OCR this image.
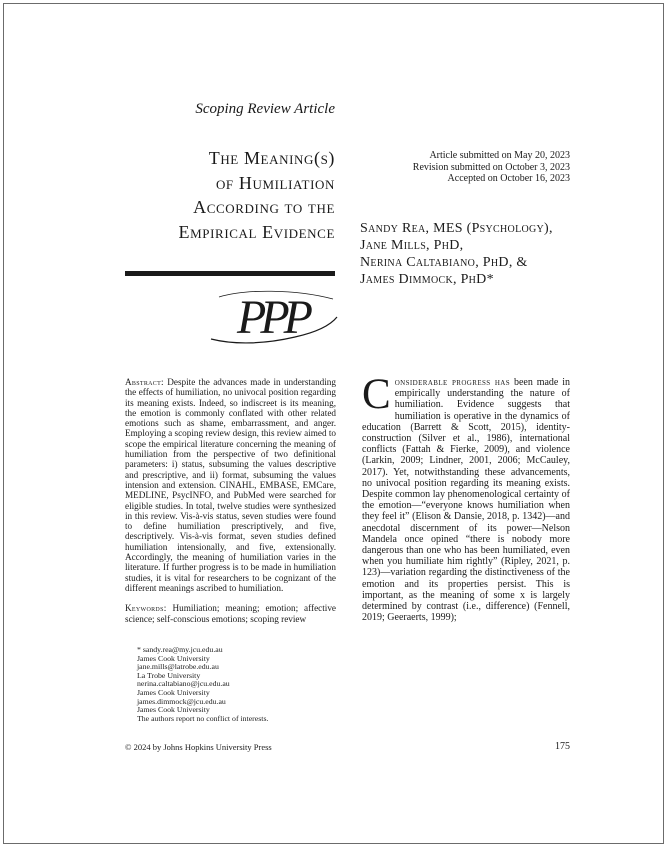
Scoping Review Article
The Meaning(s)
of Humiliation
According to the
Empirical Evidence
Article submitted on May 20, 2023
Revision submitted on October 3, 2023
Accepted on October 16, 2023
Sandy Rea, MES (Psychology),
Jane Mills, PhD,
Nerina Caltabiano, PhD, &
James Dimmock, PhD*
PPP
Abstract: Despite the advances made in understanding the effects of humiliation, no univocal position regarding its meaning exists. Indeed, so indiscreet is its meaning, the emotion is commonly conflated with other related emotions such as shame, embarrassment, and anger. Employing a scoping review design, this review aimed to scope the empirical literature concerning the meaning of humiliation from the perspective of two definitional parameters: i) status, subsuming the values descriptive and prescriptive, and ii) format, subsuming the values intension and extension. CINAHL, EMBASE, EMCare, MEDLINE, PsycINFO, and PubMed were searched for eligible studies. In total, twelve studies were synthesized in this review. Vis-à-vis status, seven studies were found to define humiliation prescriptively, and five, descriptively. Vis-à-vis format, seven studies defined humiliation intensionally, and five, extensionally. Accordingly, the meaning of humiliation varies in the literature. If further progress is to be made in humiliation studies, it is vital for researchers to be cognizant of the different meanings ascribed to humiliation.
Keywords: Humiliation; meaning; emotion; affective science; self-conscious emotions; scoping review
* sandy.rea@my.jcu.edu.au
James Cook University
jane.mills@latrobe.edu.au
La Trobe University
nerina.caltabiano@jcu.edu.au
James Cook University
james.dimmock@jcu.edu.au
James Cook University
The authors report no conflict of interests.
C onsiderable progress has been made in empirically understanding the nature of humiliation. Evidence suggests that humiliation is operative in the dynamics of education (Barrett & Scott, 2015), identity-construction (Silver et al., 1986), international conflicts (Fattah & Fierke, 2009), and violence (Larkin, 2009; Lindner, 2001, 2006; McCauley, 2017). Yet, notwithstanding these advancements, no univocal position regarding its meaning exists. Despite common lay phenomenological certainty of the emotion—“everyone knows humiliation when they feel it” (Elison & Dansie, 2018, p. 1342)—and anecdotal discernment of its power—Nelson Mandela once opined “there is nobody more dangerous than one who has been humiliated, even when you humiliate him rightly” (Ripley, 2021, p. 123)—variation regarding the distinctiveness of the emotion and its properties persist. This is important, as the meaning of some x is largely determined by contrast (i.e., difference) (Fennell, 2019; Geeraerts, 1999);
© 2024 by Johns Hopkins University Press	175
